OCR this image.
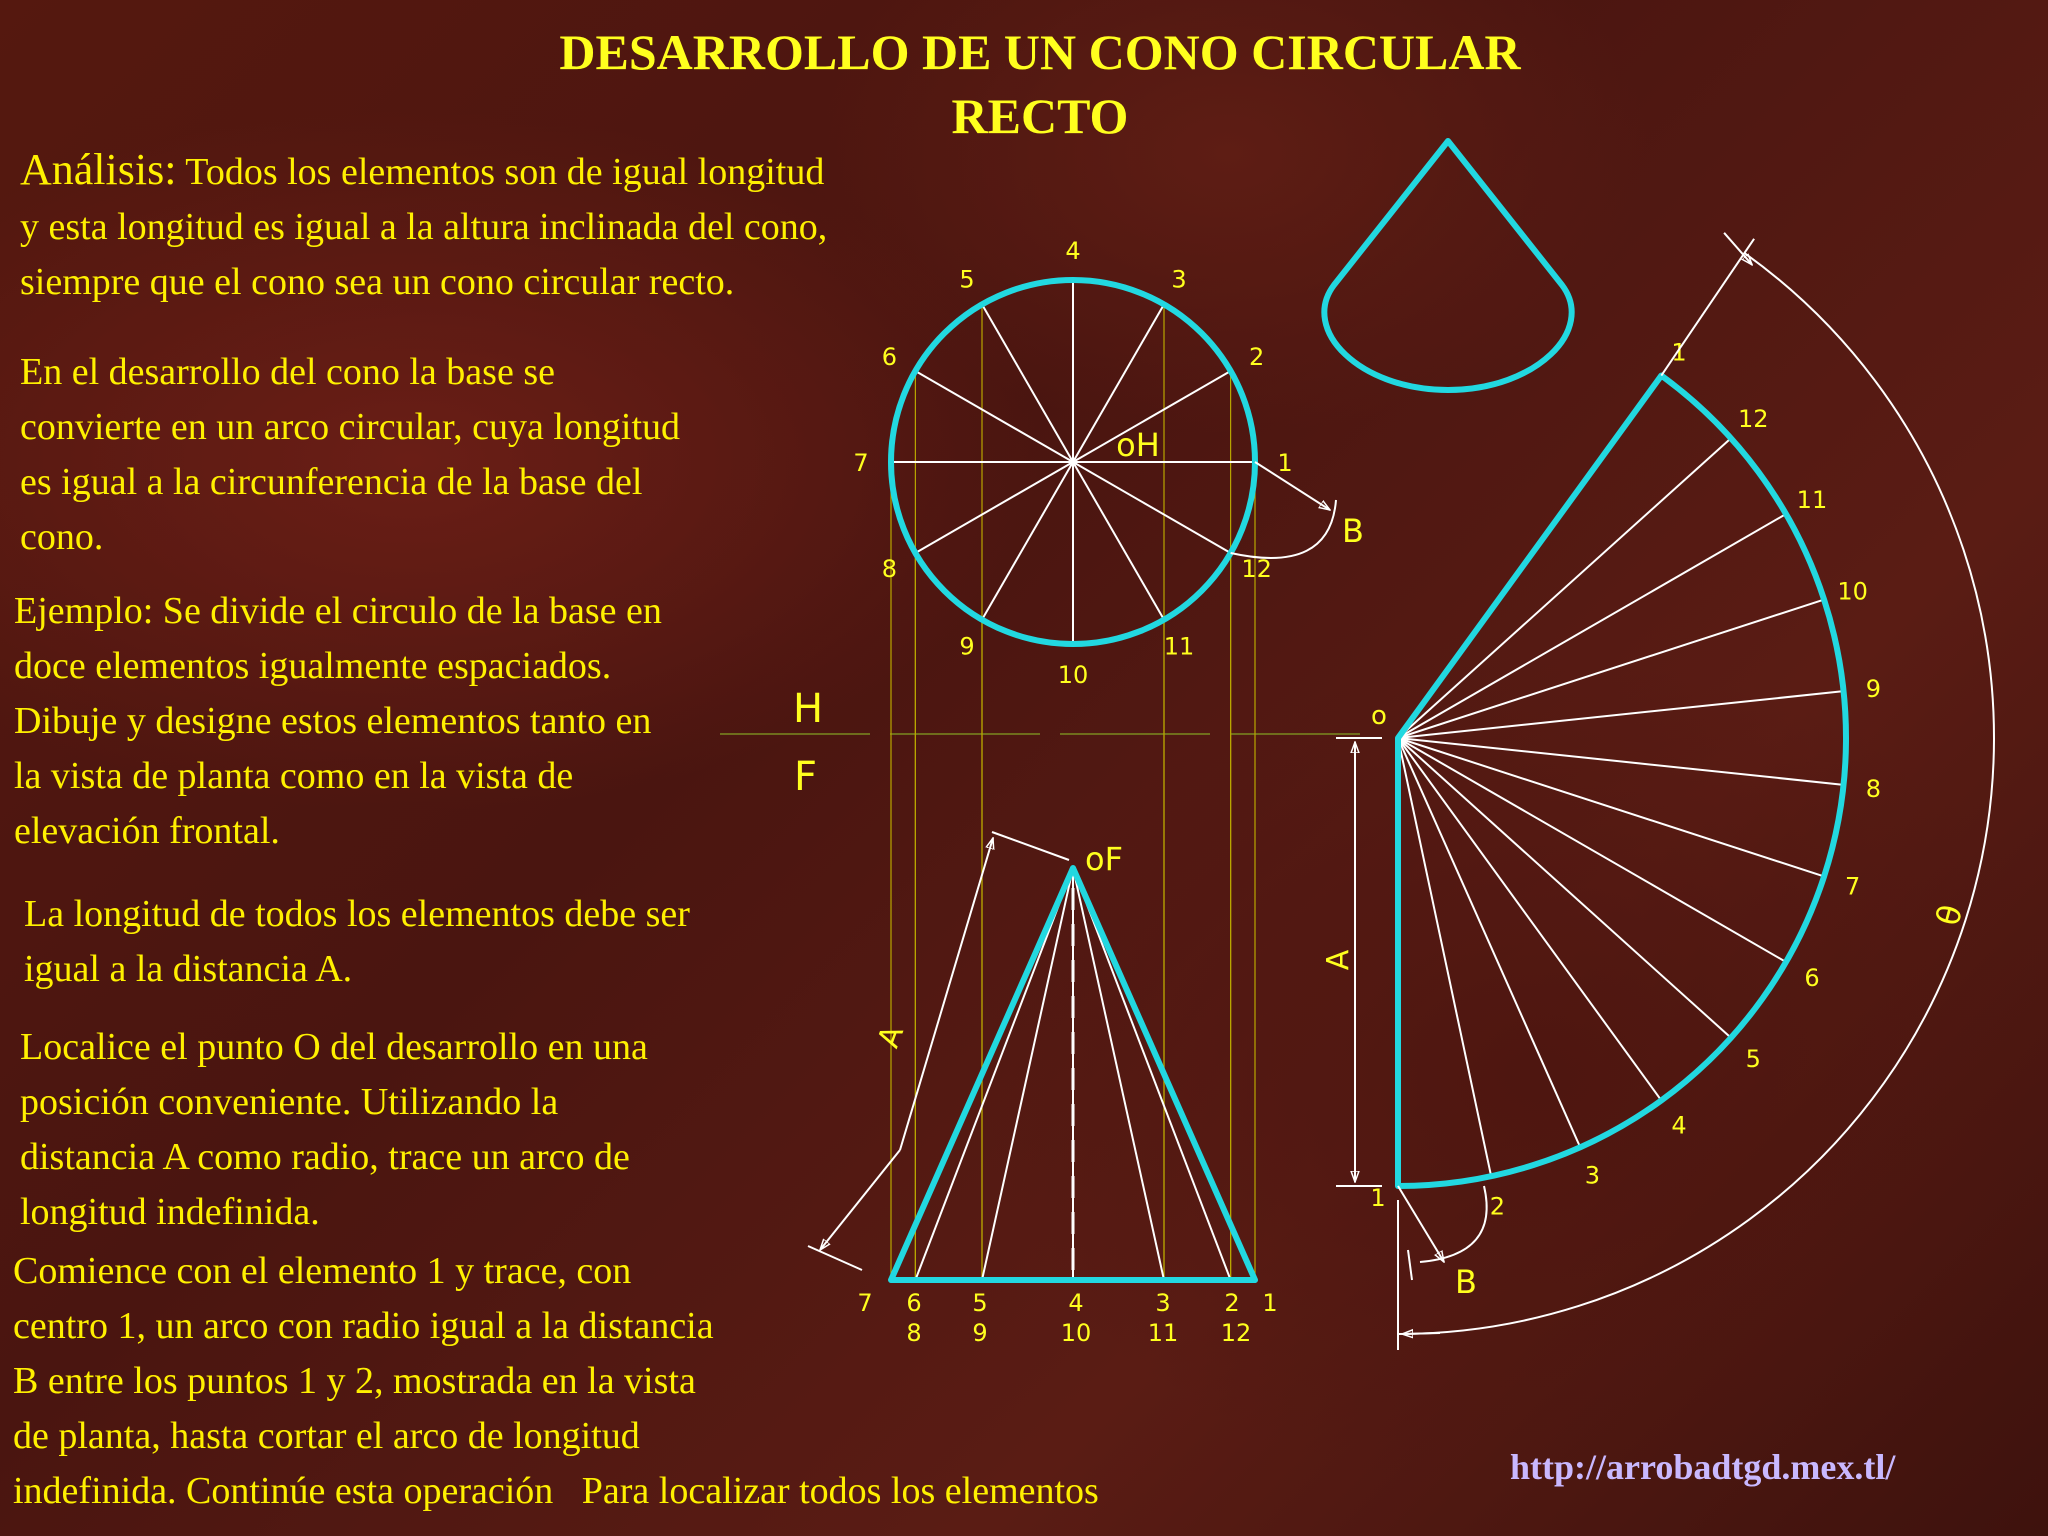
DESARROLLO DE UN CONO CIRCULAR
RECTO

Análisis: Todos los elementos son de igual longitud
y esta longitud es igual a la altura inclinada del cono,
siempre que el cono sea un cono circular recto.

En el desarrollo del cono la base se
convierte en un arco circular, cuya longitud
es igual a la circunferencia de la base del
cono.

Ejemplo: Se divide el circulo de la base en
doce elementos igualmente espaciados.
Dibuje y designe estos elementos tanto en
la vista de planta como en la vista de
elevación frontal.

La longitud de todos los elementos debe ser
igual a la distancia A.

Localice el punto O del desarrollo en una
posición conveniente. Utilizando la
distancia A como radio, trace un arco de
longitud indefinida.

Comience con el elemento 1 y trace, con
centro 1, un arco con radio igual a la distancia
B entre los puntos 1 y 2, mostrada en la vista
de planta, hasta cortar el arco de longitud
indefinida. Continúe esta operación   Para localizar todos los elementos

http://arrobadtgd.mex.tl/

H
F
1
2
3
4
5
6
7
8
9
10
11
12
oH
B
oF
7 6 5	4	3 2 1
8 9	10 11 12
A
1	2
3
4
5
6
7
8
9
10
11
12
1
o
A
B
θ
